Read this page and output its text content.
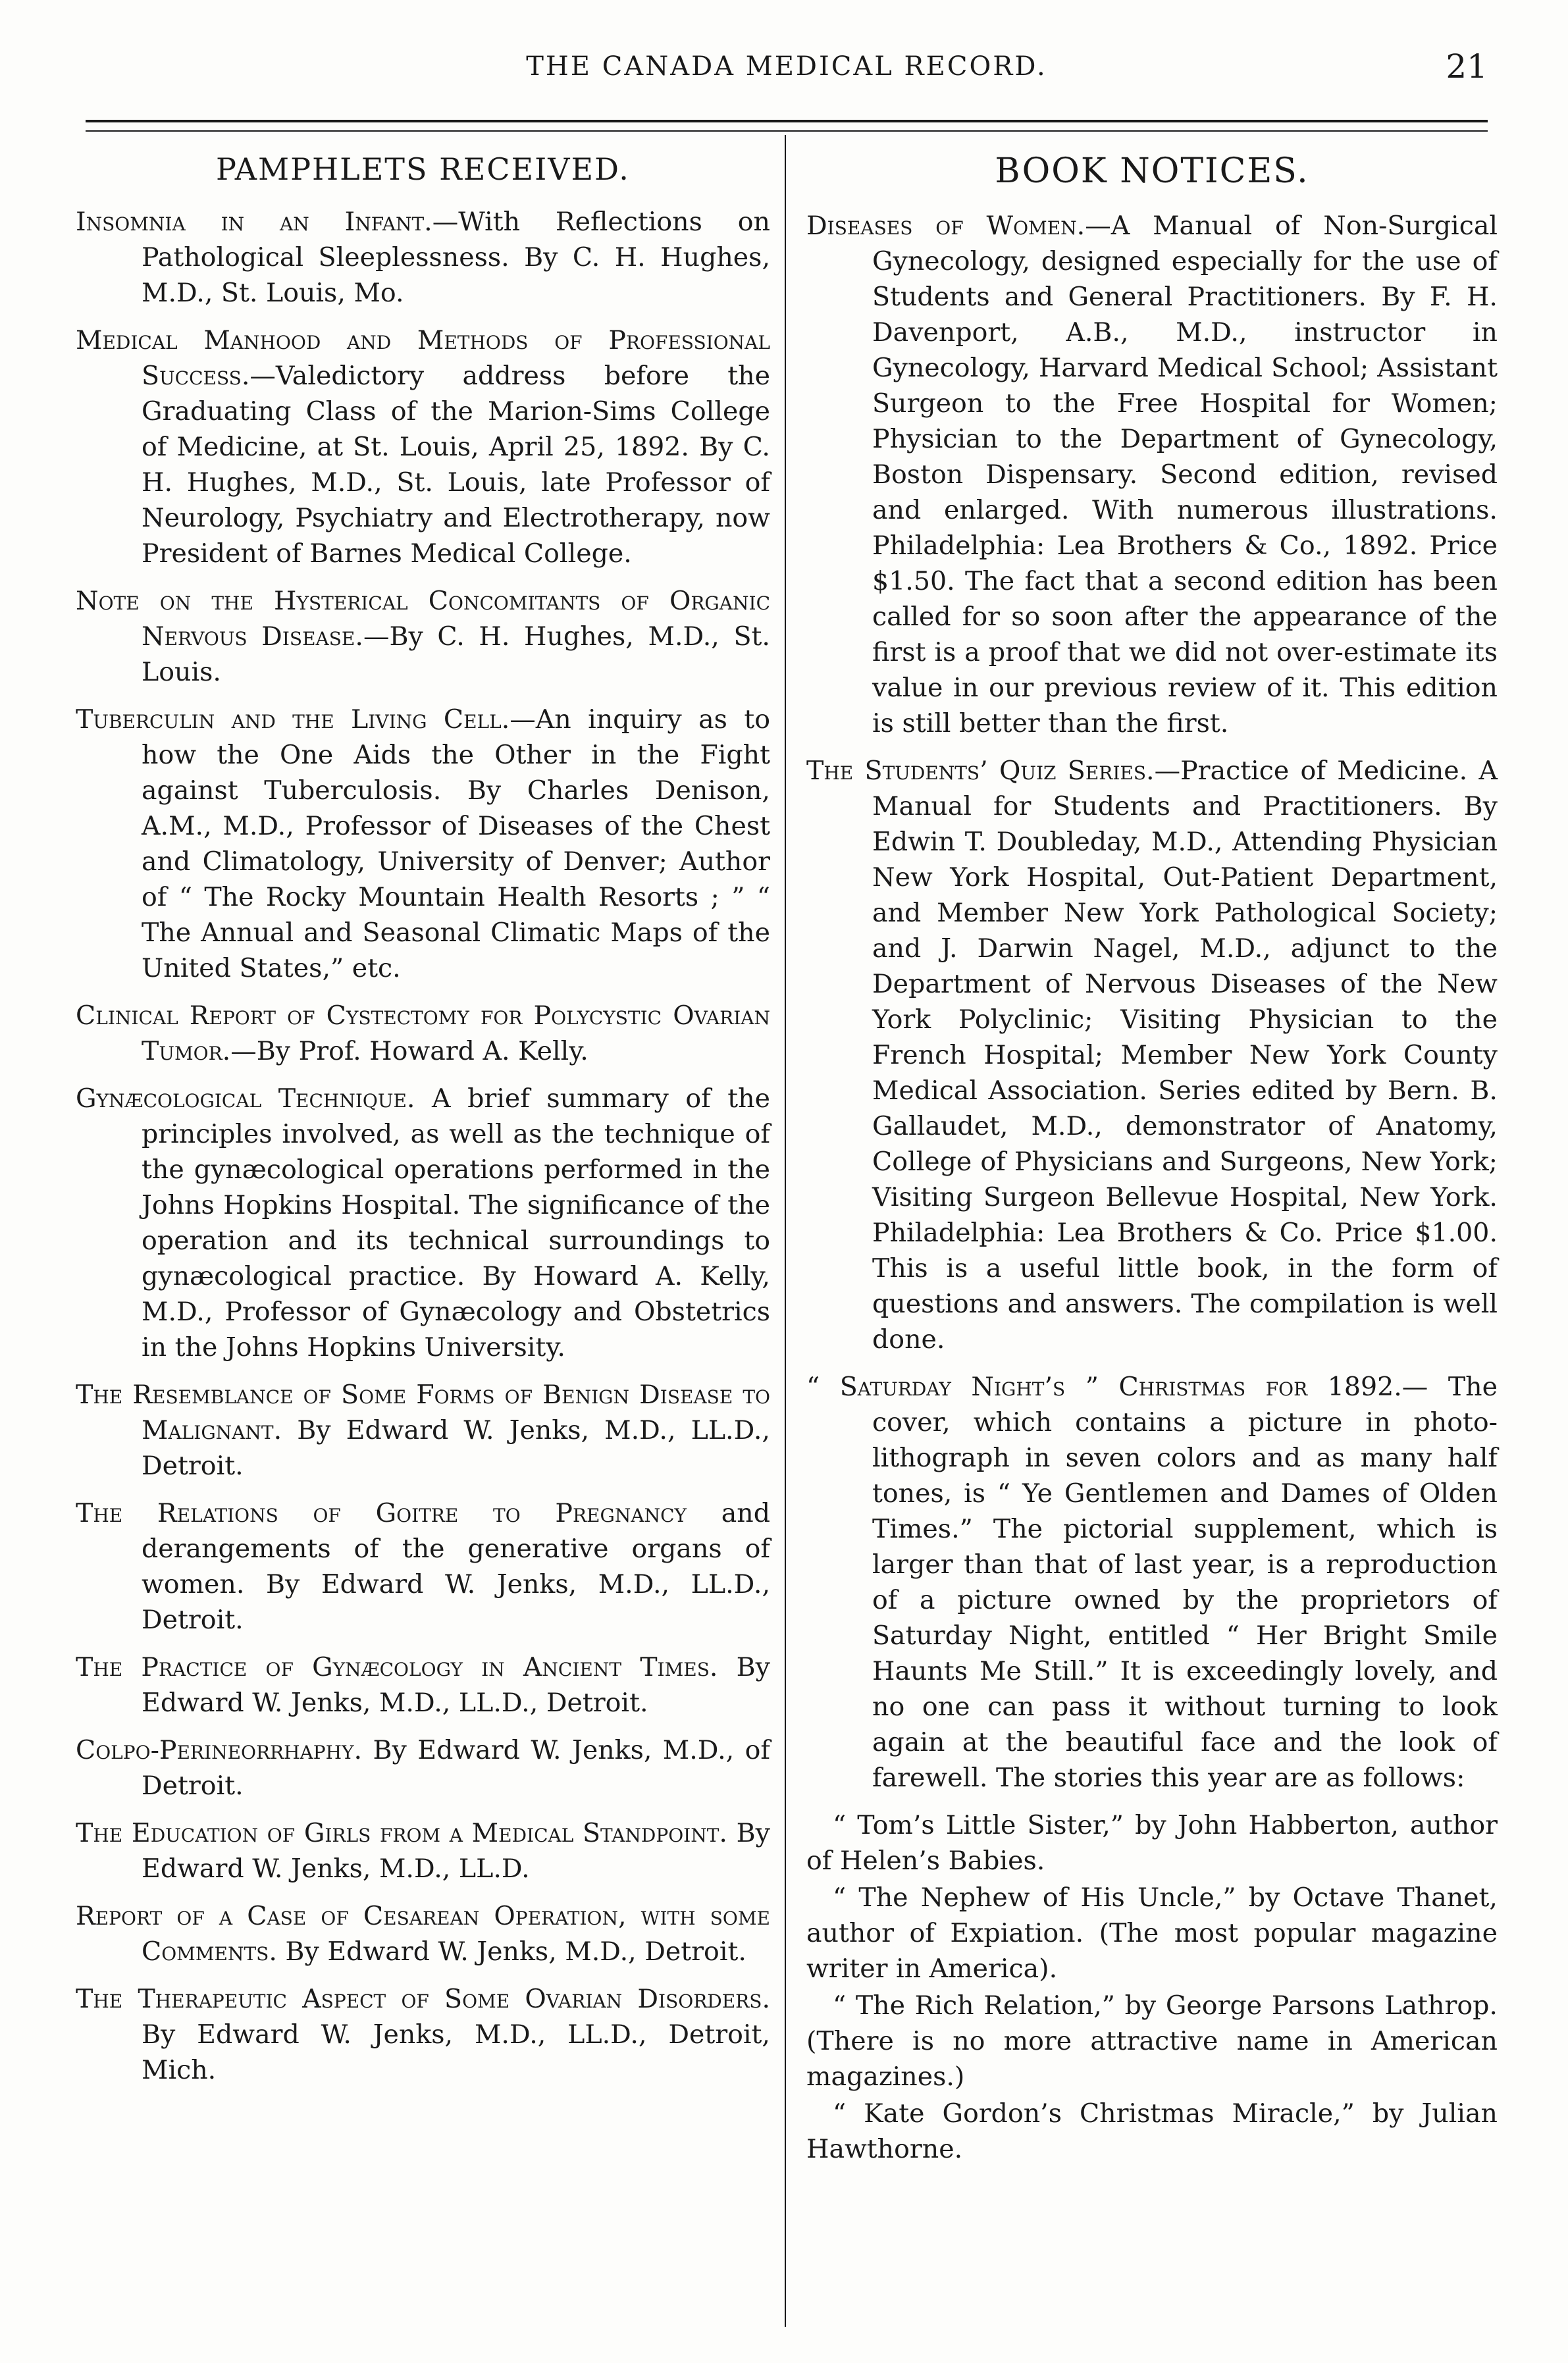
THE CANADA MEDICAL RECORD.	21
PAMPHLETS RECEIVED.

Insomnia in an Infant.—With Reflections on Pathological Sleeplessness. By C. H. Hughes, M.D., St. Louis, Mo.

Medical Manhood and Methods of Professional Success.—Valedictory address before the Graduating Class of the Marion-Sims College of Medicine, at St. Louis, April 25, 1892. By C. H. Hughes, M.D., St. Louis, late Professor of Neurology, Psychiatry and Electrotherapy, now President of Barnes Medical College.

Note on the Hysterical Concomitants of Organic Nervous Disease.—By C. H. Hughes, M.D., St. Louis.

Tuberculin and the Living Cell.—An inquiry as to how the One Aids the Other in the Fight against Tuberculosis. By Charles Denison, A.M., M.D., Professor of Diseases of the Chest and Climatology, University of Denver; Author of “ The Rocky Mountain Health Resorts ; ” “ The Annual and Seasonal Climatic Maps of the United States,” etc.

Clinical Report of Cystectomy for Polycystic Ovarian Tumor.—By Prof. Howard A. Kelly.

Gynæcological Technique. A brief summary of the principles involved, as well as the technique of the gynæcological operations performed in the Johns Hopkins Hospital. The significance of the operation and its technical surroundings to gynæcological practice. By Howard A. Kelly, M.D., Professor of Gynæcology and Obstetrics in the Johns Hopkins University.

The Resemblance of Some Forms of Benign Disease to Malignant. By Edward W. Jenks, M.D., LL.D., Detroit.

The Relations of Goitre to Pregnancy and derangements of the generative organs of women. By Edward W. Jenks, M.D., LL.D., Detroit.

The Practice of Gynæcology in Ancient Times. By Edward W. Jenks, M.D., LL.D., Detroit.

Colpo-Perineorrhaphy. By Edward W. Jenks, M.D., of Detroit.

The Education of Girls from a Medical Standpoint. By Edward W. Jenks, M.D., LL.D.

Report of a Case of Cesarean Operation, with some Comments. By Edward W. Jenks, M.D., Detroit.

The Therapeutic Aspect of Some Ovarian Disorders. By Edward W. Jenks, M.D., LL.D., Detroit, Mich.

BOOK NOTICES.

Diseases of Women.—A Manual of Non-Surgical Gynecology, designed especially for the use of Students and General Practitioners. By F. H. Davenport, A.B., M.D., instructor in Gynecology, Harvard Medical School; Assistant Surgeon to the Free Hospital for Women; Physician to the Department of Gynecology, Boston Dispensary. Second edition, revised and enlarged. With numerous illustrations. Philadelphia: Lea Brothers & Co., 1892. Price $1.50. The fact that a second edition has been called for so soon after the appearance of the first is a proof that we did not over-estimate its value in our previous review of it. This edition is still better than the first.

The Students’ Quiz Series.—Practice of Medicine. A Manual for Students and Practitioners. By Edwin T. Doubleday, M.D., Attending Physician New York Hospital, Out-Patient Department, and Member New York Pathological Society; and J. Darwin Nagel, M.D., adjunct to the Department of Nervous Diseases of the New York Polyclinic; Visiting Physician to the French Hospital; Member New York County Medical Association. Series edited by Bern. B. Gallaudet, M.D., demonstrator of Anatomy, College of Physicians and Surgeons, New York; Visiting Surgeon Bellevue Hospital, New York. Philadelphia: Lea Brothers & Co. Price $1.00. This is a useful little book, in the form of questions and answers. The compilation is well done.

“ Saturday Night’s ” Christmas for 1892.— The cover, which contains a picture in photo-lithograph in seven colors and as many half tones, is “ Ye Gentlemen and Dames of Olden Times.” The pictorial supplement, which is larger than that of last year, is a reproduction of a picture owned by the proprietors of Saturday Night, entitled “ Her Bright Smile Haunts Me Still.” It is exceedingly lovely, and no one can pass it without turning to look again at the beautiful face and the look of farewell. The stories this year are as follows:

“ Tom’s Little Sister,” by John Habberton, author of Helen’s Babies.

“ The Nephew of His Uncle,” by Octave Thanet, author of Expiation. (The most popular magazine writer in America).

“ The Rich Relation,” by George Parsons Lathrop. (There is no more attractive name in American magazines.)

“ Kate Gordon’s Christmas Miracle,” by Julian Hawthorne.
